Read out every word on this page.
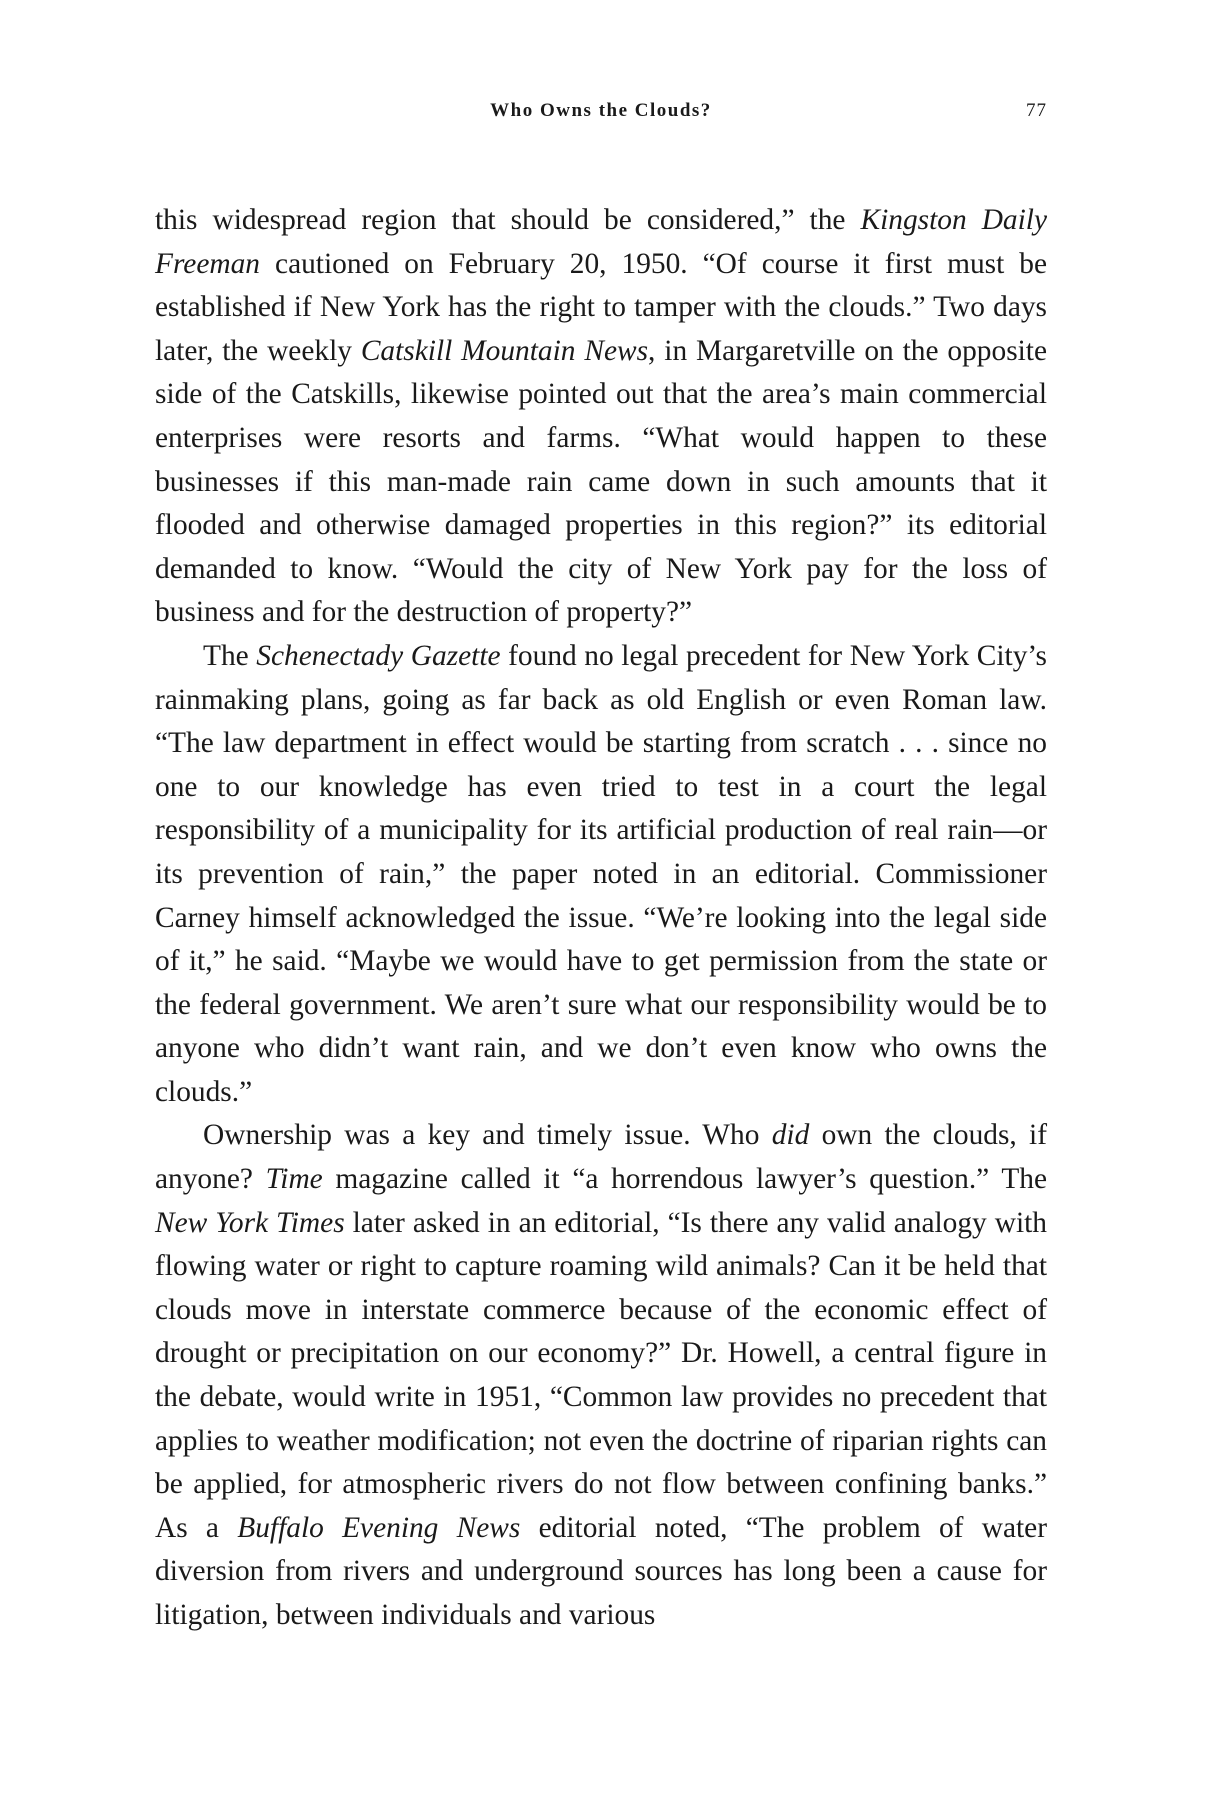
Who Owns the Clouds?	77

this widespread region that should be considered,” the Kingston Daily Freeman cautioned on February 20, 1950. “Of course it first must be established if New York has the right to tamper with the clouds.” Two days later, the weekly Catskill Mountain News, in Margaretville on the opposite side of the Catskills, likewise pointed out that the area’s main commercial enterprises were resorts and farms. “What would happen to these businesses if this man-made rain came down in such amounts that it flooded and otherwise damaged properties in this region?” its editorial demanded to know. “Would the city of New York pay for the loss of business and for the destruction of property?”

The Schenectady Gazette found no legal precedent for New York City’s rainmaking plans, going as far back as old English or even Roman law. “The law department in effect would be starting from scratch . . . since no one to our knowledge has even tried to test in a court the legal responsibility of a municipality for its artificial production of real rain—or its prevention of rain,” the paper noted in an editorial. Commissioner Carney himself acknowledged the issue. “We’re looking into the legal side of it,” he said. “Maybe we would have to get permission from the state or the federal government. We aren’t sure what our responsibility would be to anyone who didn’t want rain, and we don’t even know who owns the clouds.”

Ownership was a key and timely issue. Who did own the clouds, if anyone? Time magazine called it “a horrendous lawyer’s question.” The New York Times later asked in an editorial, “Is there any valid analogy with flowing water or right to capture roaming wild animals? Can it be held that clouds move in interstate commerce because of the economic effect of drought or precipitation on our economy?” Dr. Howell, a central figure in the debate, would write in 1951, “Common law provides no precedent that applies to weather modification; not even the doctrine of riparian rights can be applied, for atmospheric rivers do not flow between confining banks.” As a Buffalo Evening News editorial noted, “The problem of water diversion from rivers and underground sources has long been a cause for litigation, between individuals and various
